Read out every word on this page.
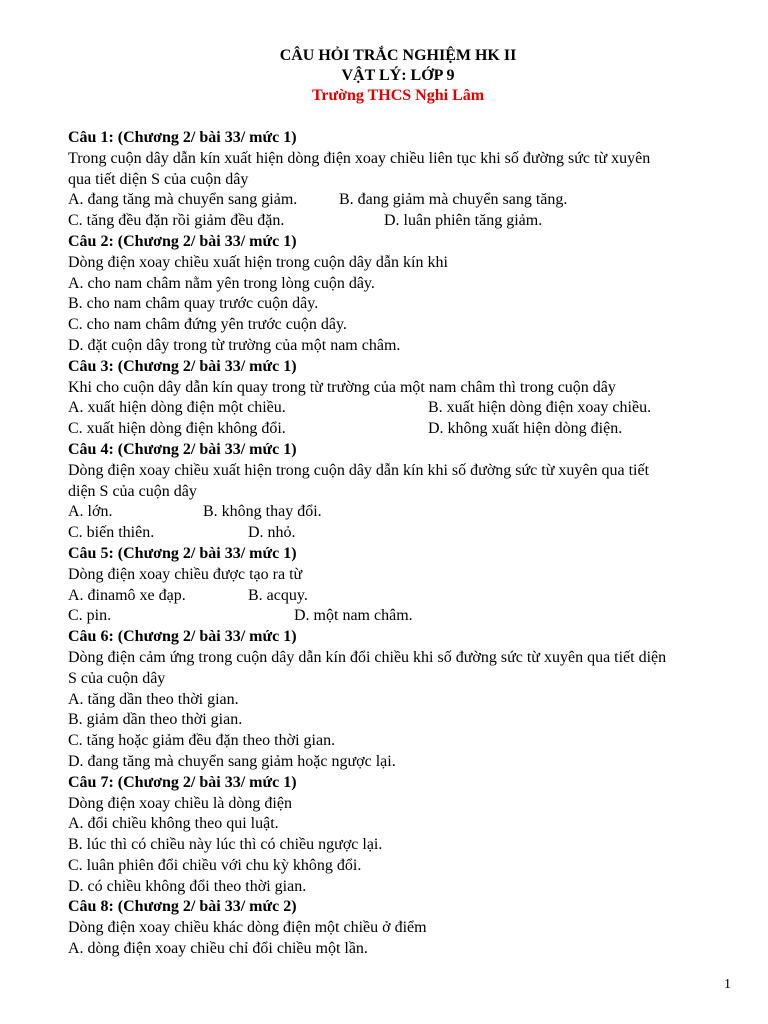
CÂU HỎI TRẮC NGHIỆM HK II
VẬT LÝ: LỚP 9
Trường THCS Nghi Lâm
Câu 1: (Chương 2/ bài 33/ mức 1)
Trong cuộn dây dẫn kín xuất hiện dòng điện xoay chiều liên tục khi số đường sức từ xuyên
qua tiết diện S của cuộn dây
A. đang tăng mà chuyển sang giảm.	B. đang giảm mà chuyển sang tăng.
C. tăng đều đặn rồi giảm đều đặn.	D. luân phiên tăng giảm.
Câu 2: (Chương 2/ bài 33/ mức 1)
Dòng điện xoay chiều xuất hiện trong cuộn dây dẫn kín khi
A. cho nam châm nằm yên trong lòng cuộn dây.
B. cho nam châm quay trước cuộn dây.
C. cho nam châm đứng yên trước cuộn dây.
D. đặt cuộn dây trong từ trường của một nam châm.
Câu 3: (Chương 2/ bài 33/ mức 1)
Khi cho cuộn dây dẫn kín quay trong từ trường của một nam châm thì trong cuộn dây
A. xuất hiện dòng điện một chiều.	B. xuất hiện dòng điện xoay chiều.
C. xuất hiện dòng điện không đổi.	D. không xuất hiện dòng điện.
Câu 4: (Chương 2/ bài 33/ mức 1)
Dòng điện xoay chiều xuất hiện trong cuộn dây dẫn kín khi số đường sức từ xuyên qua tiết
diện S của cuộn dây
A. lớn.	B. không thay đổi.
C. biến thiên.	D. nhỏ.
Câu 5: (Chương 2/ bài 33/ mức 1)
Dòng điện xoay chiều được tạo ra từ
A. đinamô xe đạp.	B. acquy.
C. pin.	D. một nam châm.
Câu 6: (Chương 2/ bài 33/ mức 1)
Dòng điện cảm ứng trong cuộn dây dẫn kín đổi chiều khi số đường sức từ xuyên qua tiết diện
S của cuộn dây
A. tăng dần theo thời gian.
B. giảm dần theo thời gian.
C. tăng hoặc giảm đều đặn theo thời gian.
D. đang tăng mà chuyển sang giảm hoặc ngược lại.
Câu 7: (Chương 2/ bài 33/ mức 1)
Dòng điện xoay chiều là dòng điện
A. đổi chiều không theo qui luật.
B. lúc thì có chiều này lúc thì có chiều ngược lại.
C. luân phiên đổi chiều với chu kỳ không đổi.
D. có chiều không đổi theo thời gian.
Câu 8: (Chương 2/ bài 33/ mức 2)
Dòng điện xoay chiều khác dòng điện một chiều ở điểm
A. dòng điện xoay chiều chỉ đổi chiều một lần.
1
